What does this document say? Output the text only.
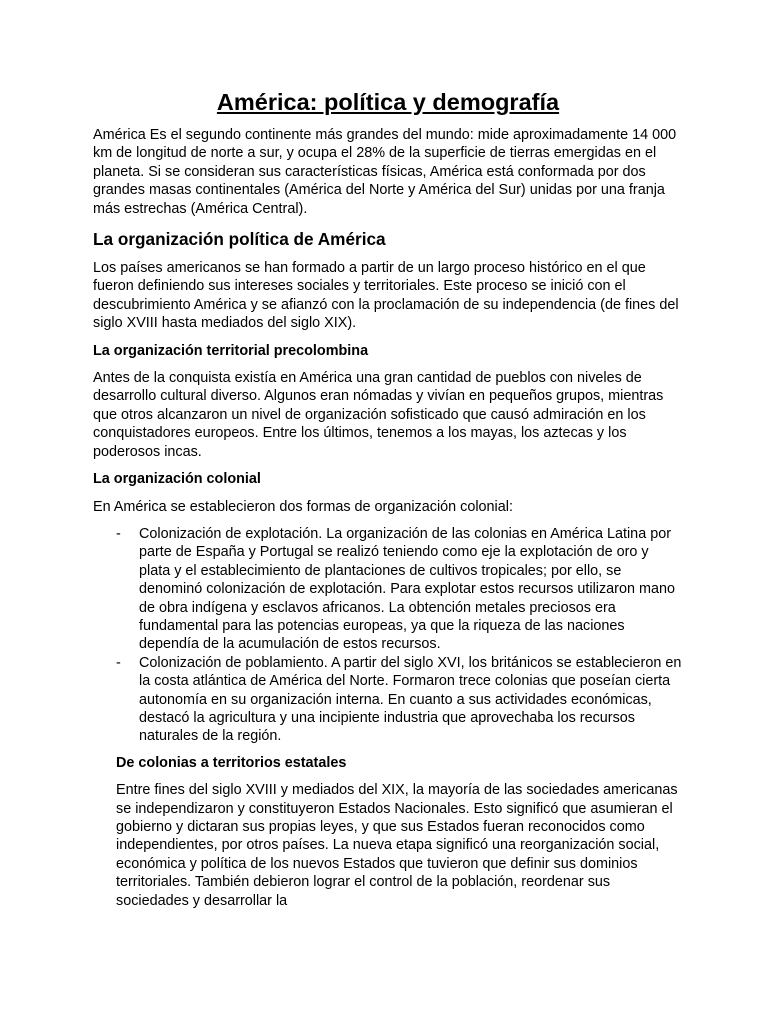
América: política y demografía

América Es el segundo continente más grandes del mundo: mide aproximadamente 14 000 km de longitud de norte a sur, y ocupa el 28% de la superficie de tierras emergidas en el planeta. Si se consideran sus características físicas, América está conformada por dos grandes masas continentales (América del Norte y América del Sur) unidas por una franja más estrechas (América Central).

La organización política de América

Los países americanos se han formado a partir de un largo proceso histórico en el que fueron definiendo sus intereses sociales y territoriales. Este proceso se inició con el descubrimiento América y se afianzó con la proclamación de su independencia (de fines del siglo XVIII hasta mediados del siglo XIX).

La organización territorial precolombina

Antes de la conquista existía en América una gran cantidad de pueblos con niveles de desarrollo cultural diverso. Algunos eran nómadas y vivían en pequeños grupos, mientras que otros alcanzaron un nivel de organización sofisticado que causó admiración en los conquistadores europeos. Entre los últimos, tenemos a los mayas, los aztecas y los poderosos incas.

La organización colonial

En América se establecieron dos formas de organización colonial:

- Colonización de explotación. La organización de las colonias en América Latina por parte de España y Portugal se realizó teniendo como eje la explotación de oro y plata y el establecimiento de plantaciones de cultivos tropicales; por ello, se denominó colonización de explotación. Para explotar estos recursos utilizaron mano de obra indígena y esclavos africanos. La obtención metales preciosos era fundamental para las potencias europeas, ya que la riqueza de las naciones dependía de la acumulación de estos recursos.
- Colonización de poblamiento. A partir del siglo XVI, los británicos se establecieron en la costa atlántica de América del Norte. Formaron trece colonias que poseían cierta autonomía en su organización interna. En cuanto a sus actividades económicas, destacó la agricultura y una incipiente industria que aprovechaba los recursos naturales de la región.
De colonias a territorios estatales

Entre fines del siglo XVIII y mediados del XIX, la mayoría de las sociedades americanas se independizaron y constituyeron Estados Nacionales. Esto significó que asumieran el gobierno y dictaran sus propias leyes, y que sus Estados fueran reconocidos como independientes, por otros países. La nueva etapa significó una reorganización social, económica y política de los nuevos Estados que tuvieron que definir sus dominios territoriales. También debieron lograr el control de la población, reordenar sus sociedades y desarrollar la
